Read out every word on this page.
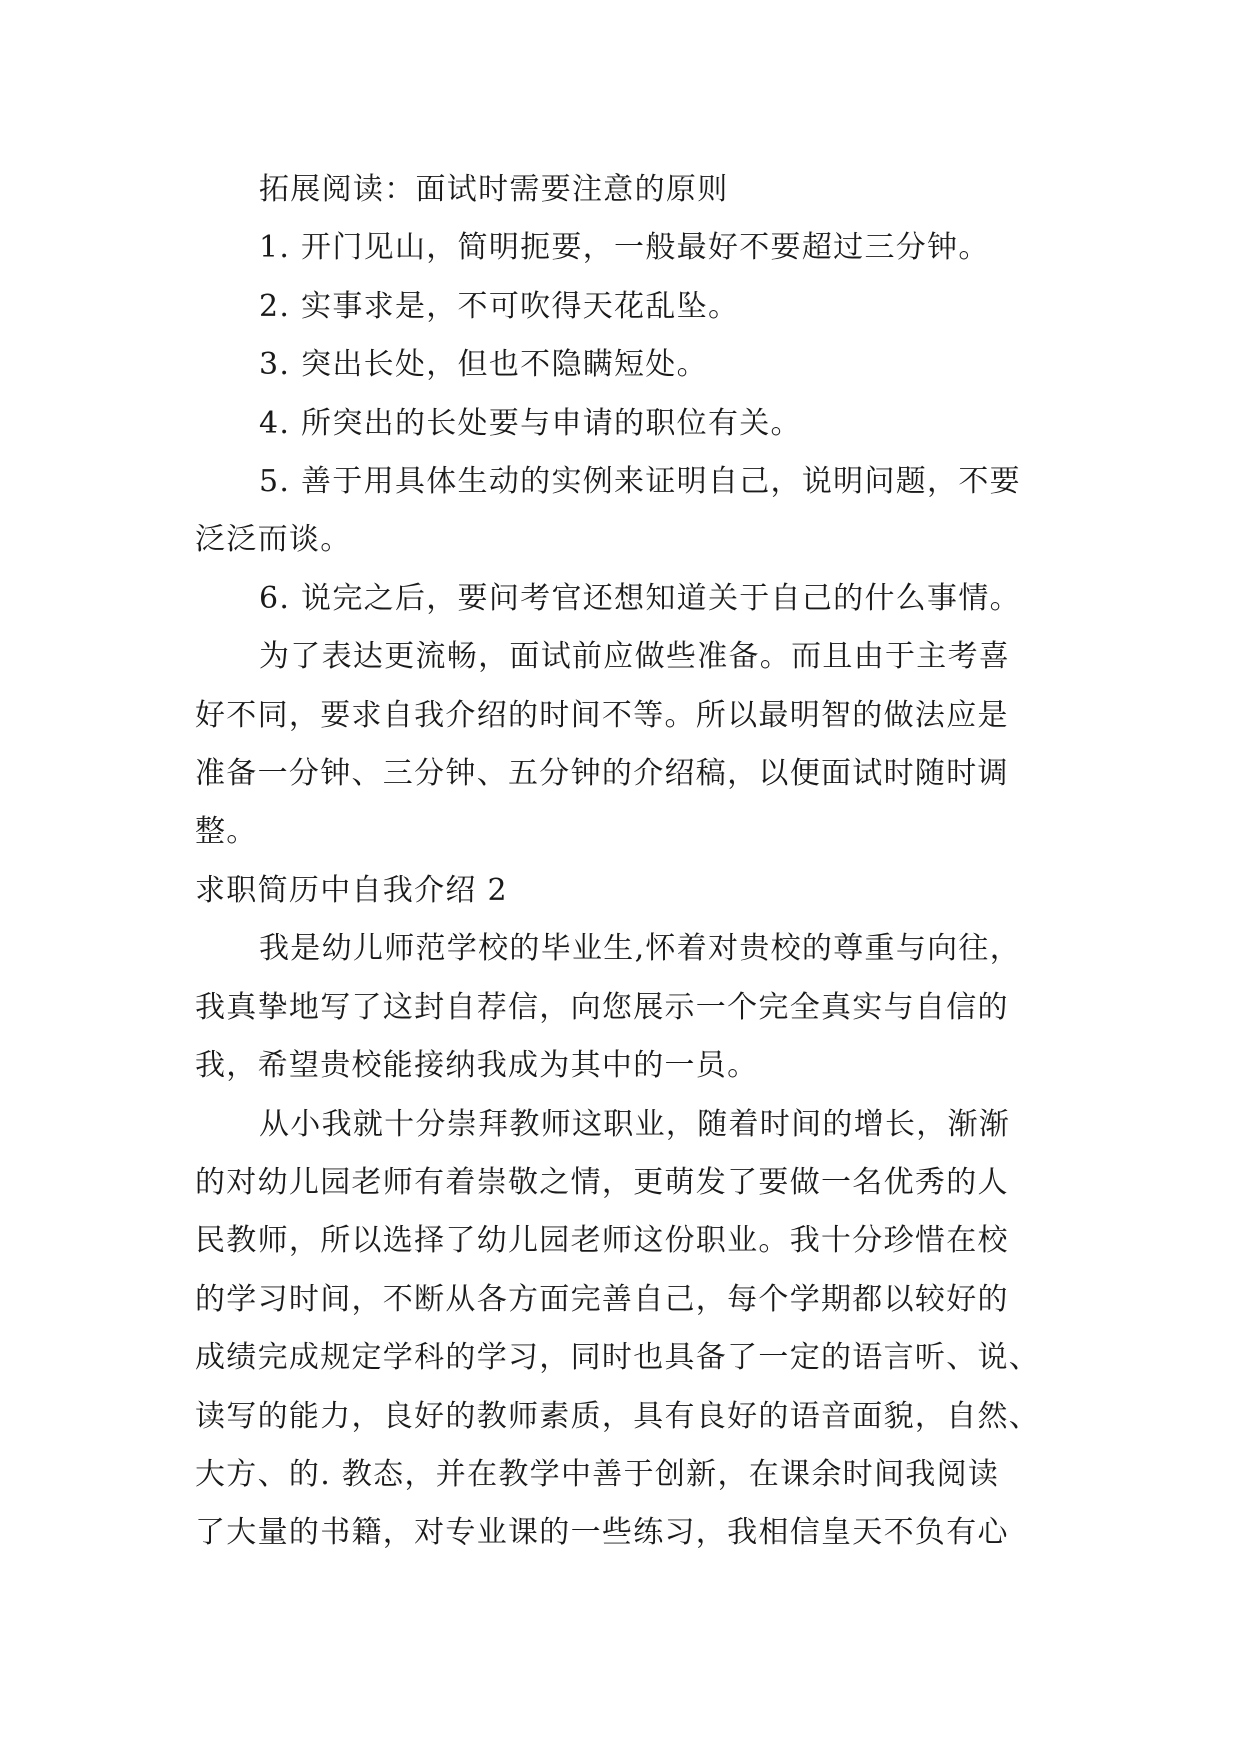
拓展阅读：面试时需要注意的原则

1. 开门见山，简明扼要，一般最好不要超过三分钟。

2. 实事求是，不可吹得天花乱坠。

3. 突出长处，但也不隐瞒短处。

4. 所突出的长处要与申请的职位有关。

5. 善于用具体生动的实例来证明自己，说明问题，不要

泛泛而谈。

6. 说完之后，要问考官还想知道关于自己的什么事情。

为了表达更流畅，面试前应做些准备。而且由于主考喜

好不同，要求自我介绍的时间不等。所以最明智的做法应是

准备一分钟、三分钟、五分钟的介绍稿，以便面试时随时调

整。

求职简历中自我介绍 2

我是幼儿师范学校的毕业生,怀着对贵校的尊重与向往，

我真挚地写了这封自荐信，向您展示一个完全真实与自信的

我，希望贵校能接纳我成为其中的一员。

从小我就十分崇拜教师这职业，随着时间的增长，渐渐

的对幼儿园老师有着崇敬之情，更萌发了要做一名优秀的人

民教师，所以选择了幼儿园老师这份职业。我十分珍惜在校

的学习时间，不断从各方面完善自己，每个学期都以较好的

成绩完成规定学科的学习，同时也具备了一定的语言听、说、

读写的能力，良好的教师素质，具有良好的语音面貌，自然、

大方、的. 教态，并在教学中善于创新，在课余时间我阅读

了大量的书籍，对专业课的一些练习，我相信皇天不负有心
